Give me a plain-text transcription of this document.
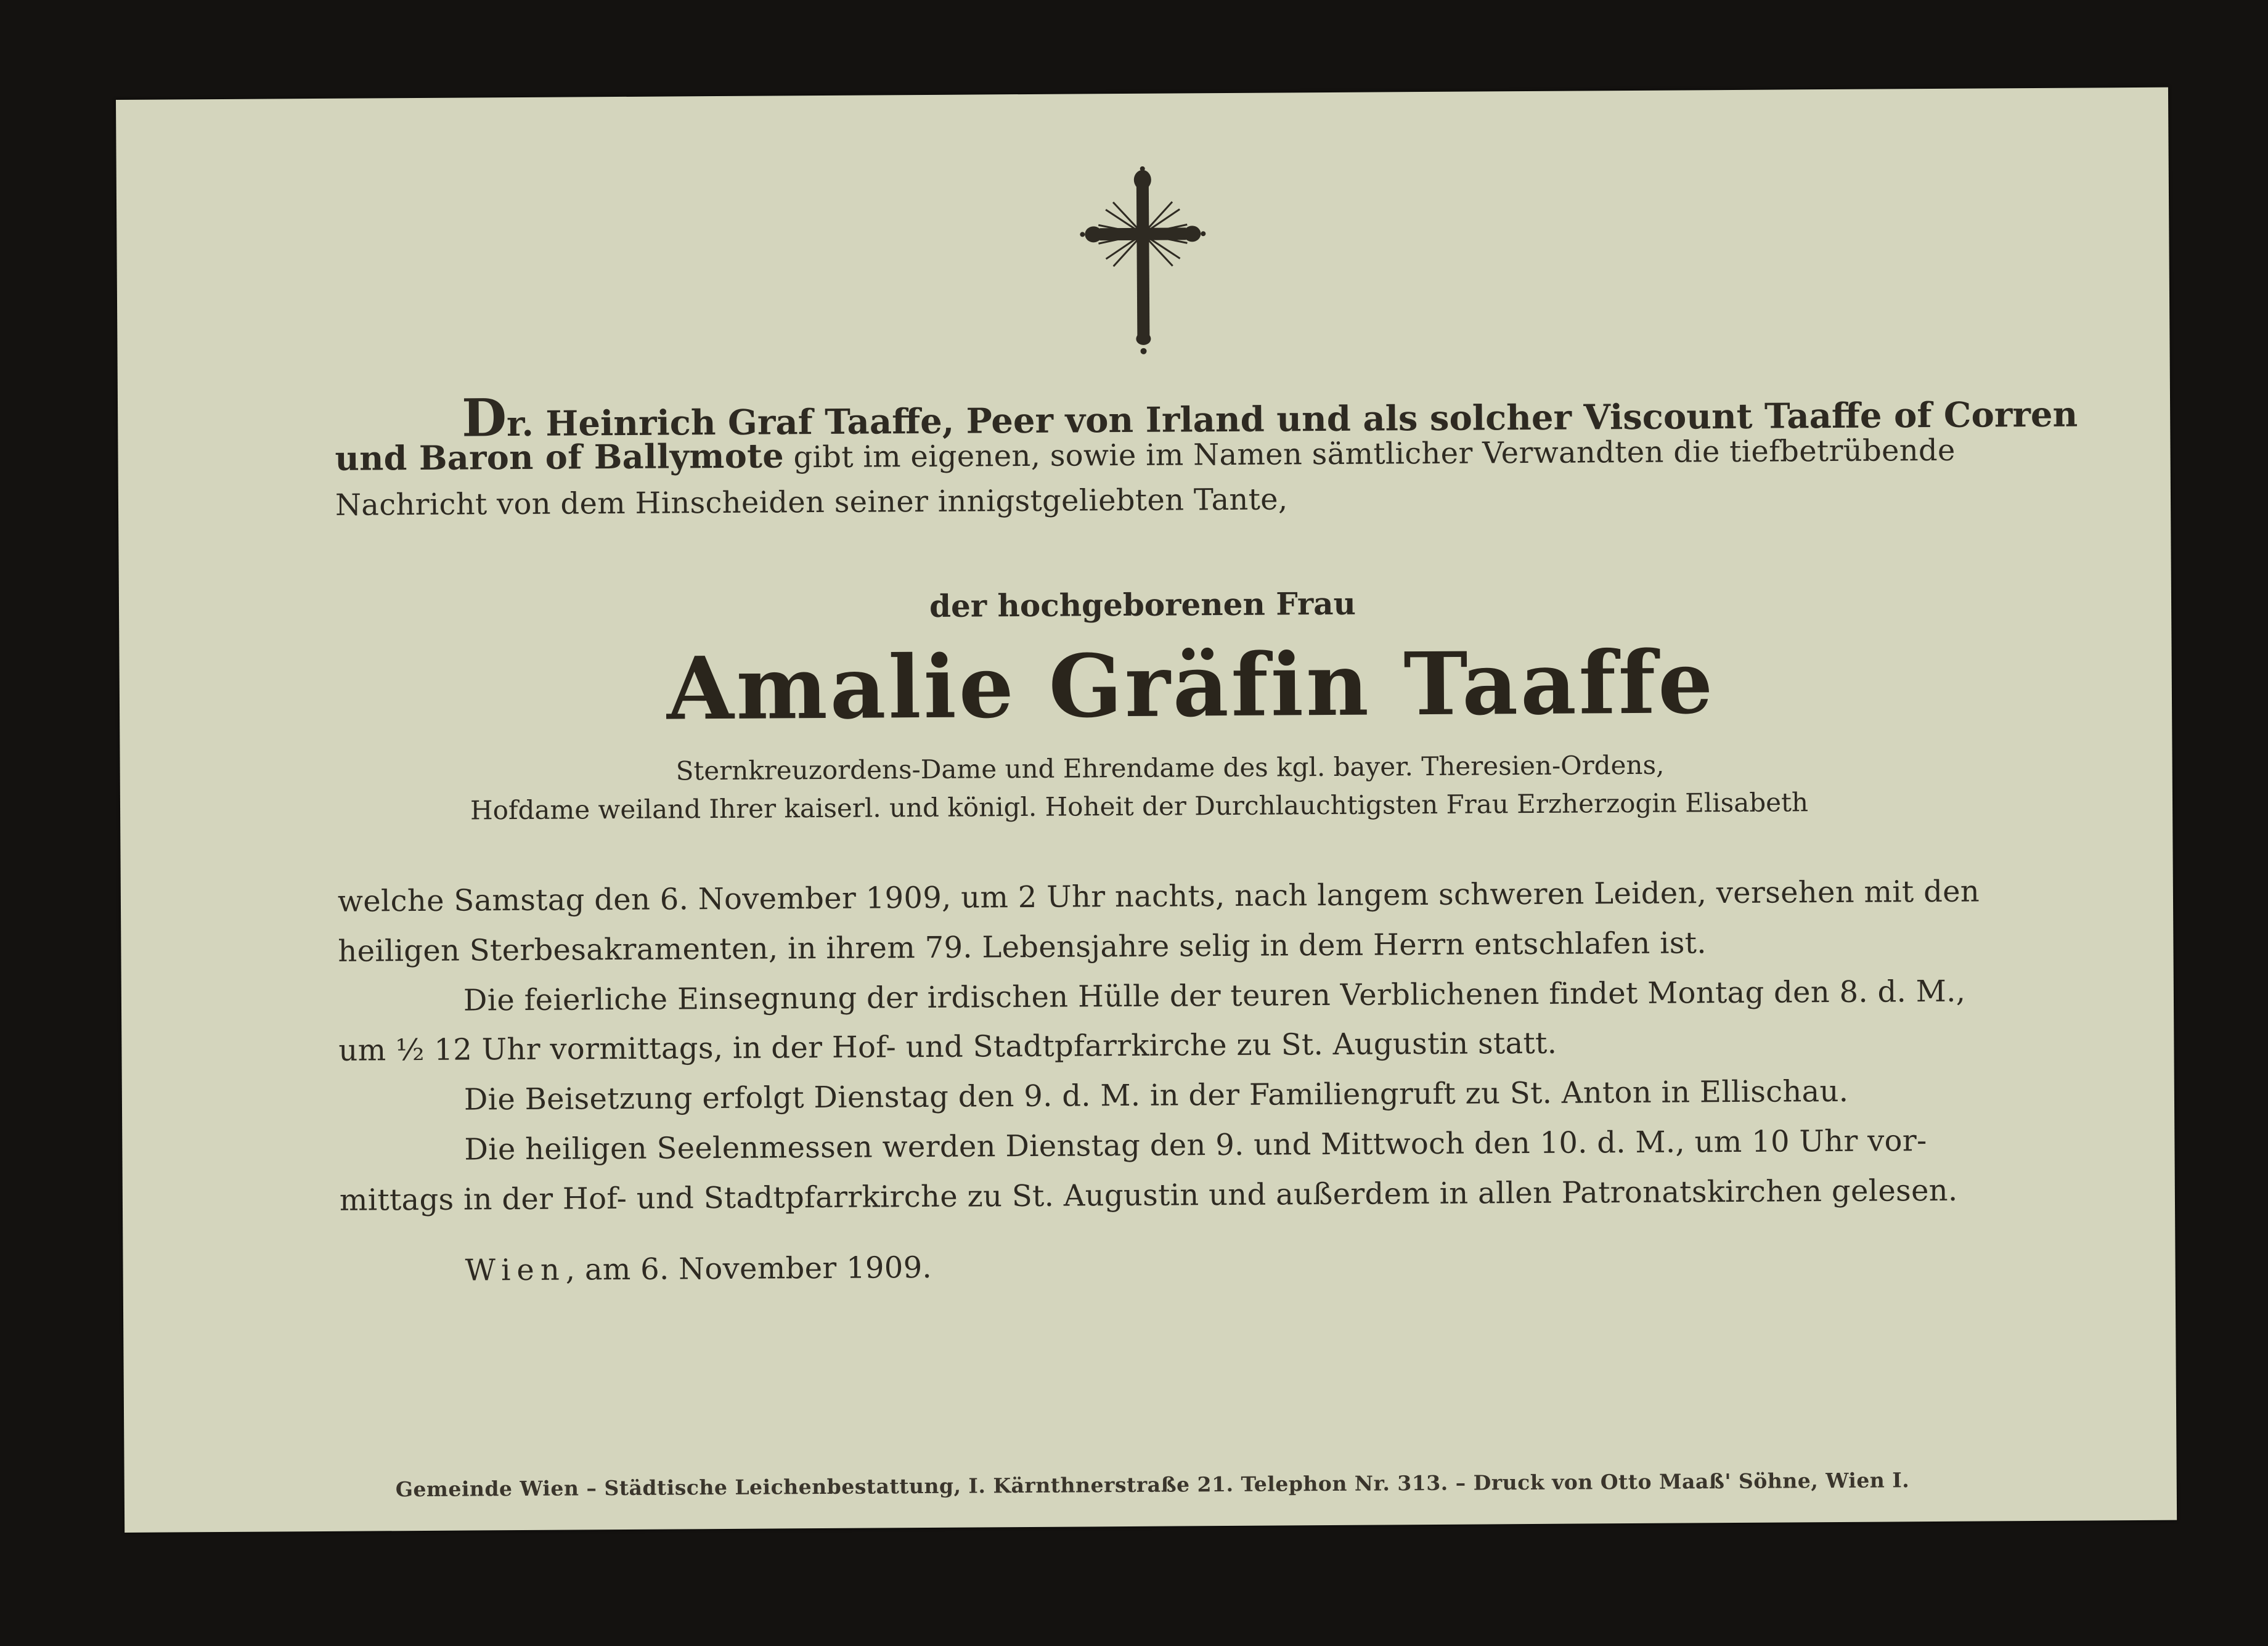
Dr. Heinrich Graf Taaffe, Peer von Irland und als solcher Viscount Taaffe of Corren
und Baron of Ballymote gibt im eigenen, sowie im Namen sämtlicher Verwandten die tiefbetrübende
Nachricht von dem Hinscheiden seiner innigstgeliebten Tante,
der hochgeborenen Frau
Amalie Gräfin Taaffe
Sternkreuzordens-Dame und Ehrendame des kgl. bayer. Theresien-Ordens,
Hofdame weiland Ihrer kaiserl. und königl. Hoheit der Durchlauchtigsten Frau Erzherzogin Elisabeth
welche Samstag den 6. November 1909, um 2 Uhr nachts, nach langem schweren Leiden, versehen mit den
heiligen Sterbesakramenten, in ihrem 79. Lebensjahre selig in dem Herrn entschlafen ist.
Die feierliche Einsegnung der irdischen Hülle der teuren Verblichenen findet Montag den 8. d. M.,
um ½ 12 Uhr vormittags, in der Hof- und Stadtpfarrkirche zu St. Augustin statt.
Die Beisetzung erfolgt Dienstag den 9. d. M. in der Familiengruft zu St. Anton in Ellischau.
Die heiligen Seelenmessen werden Dienstag den 9. und Mittwoch den 10. d. M., um 10 Uhr vor-
mittags in der Hof- und Stadtpfarrkirche zu St. Augustin und außerdem in allen Patronatskirchen gelesen.
Wien, am 6. November 1909.
Gemeinde Wien – Städtische Leichenbestattung, I. Kärnthnerstraße 21. Telephon Nr. 313. – Druck von Otto Maaß' Söhne, Wien I.
